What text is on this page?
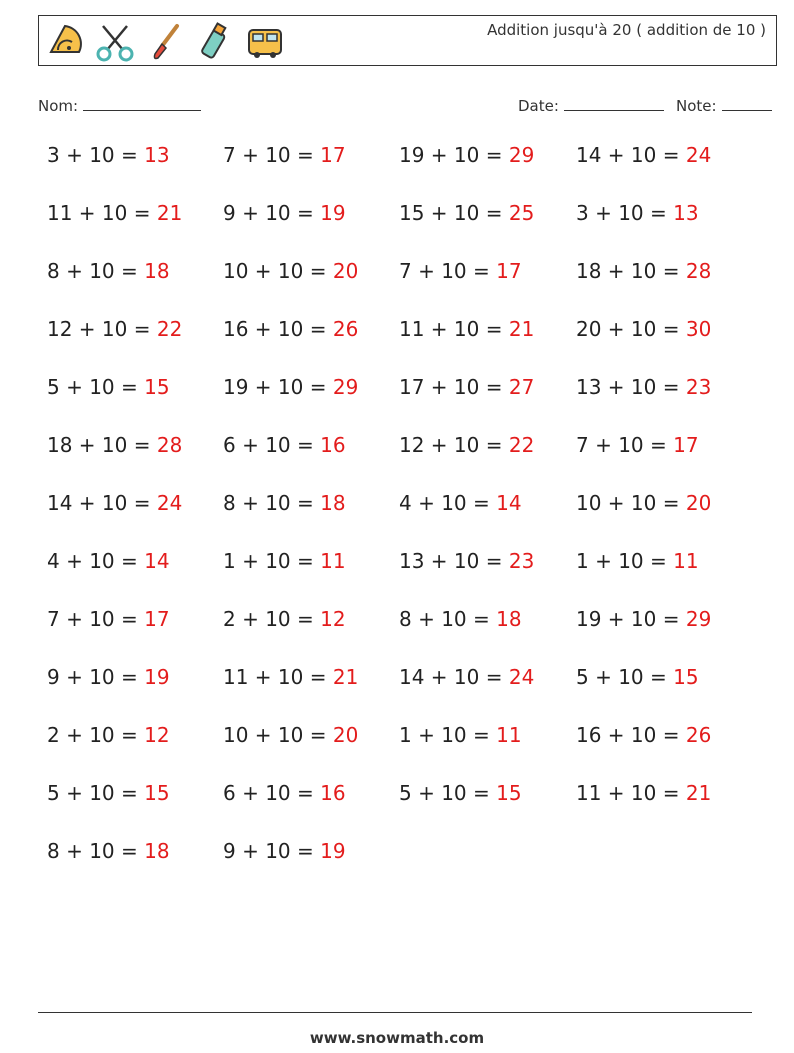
Addition jusqu'à 20 ( addition de 10 )
Nom:	Date:	Note:
3 + 10 = 13	7 + 10 = 17	19 + 10 = 29 14 + 10 = 24
11 + 10 = 21 9 + 10 = 19	15 + 10 = 25 3 + 10 = 13
8 + 10 = 18	10 + 10 = 20 7 + 10 = 17	18 + 10 = 28
12 + 10 = 22 16 + 10 = 26 11 + 10 = 21 20 + 10 = 30
5 + 10 = 15	19 + 10 = 29 17 + 10 = 27 13 + 10 = 23
18 + 10 = 28 6 + 10 = 16	12 + 10 = 22 7 + 10 = 17
14 + 10 = 24 8 + 10 = 18	4 + 10 = 14	10 + 10 = 20
4 + 10 = 14	1 + 10 = 11	13 + 10 = 23 1 + 10 = 11
7 + 10 = 17	2 + 10 = 12	8 + 10 = 18	19 + 10 = 29
9 + 10 = 19	11 + 10 = 21 14 + 10 = 24 5 + 10 = 15
2 + 10 = 12	10 + 10 = 20 1 + 10 = 11	16 + 10 = 26
5 + 10 = 15	6 + 10 = 16	5 + 10 = 15	11 + 10 = 21
8 + 10 = 18	9 + 10 = 19
www.snowmath.com
